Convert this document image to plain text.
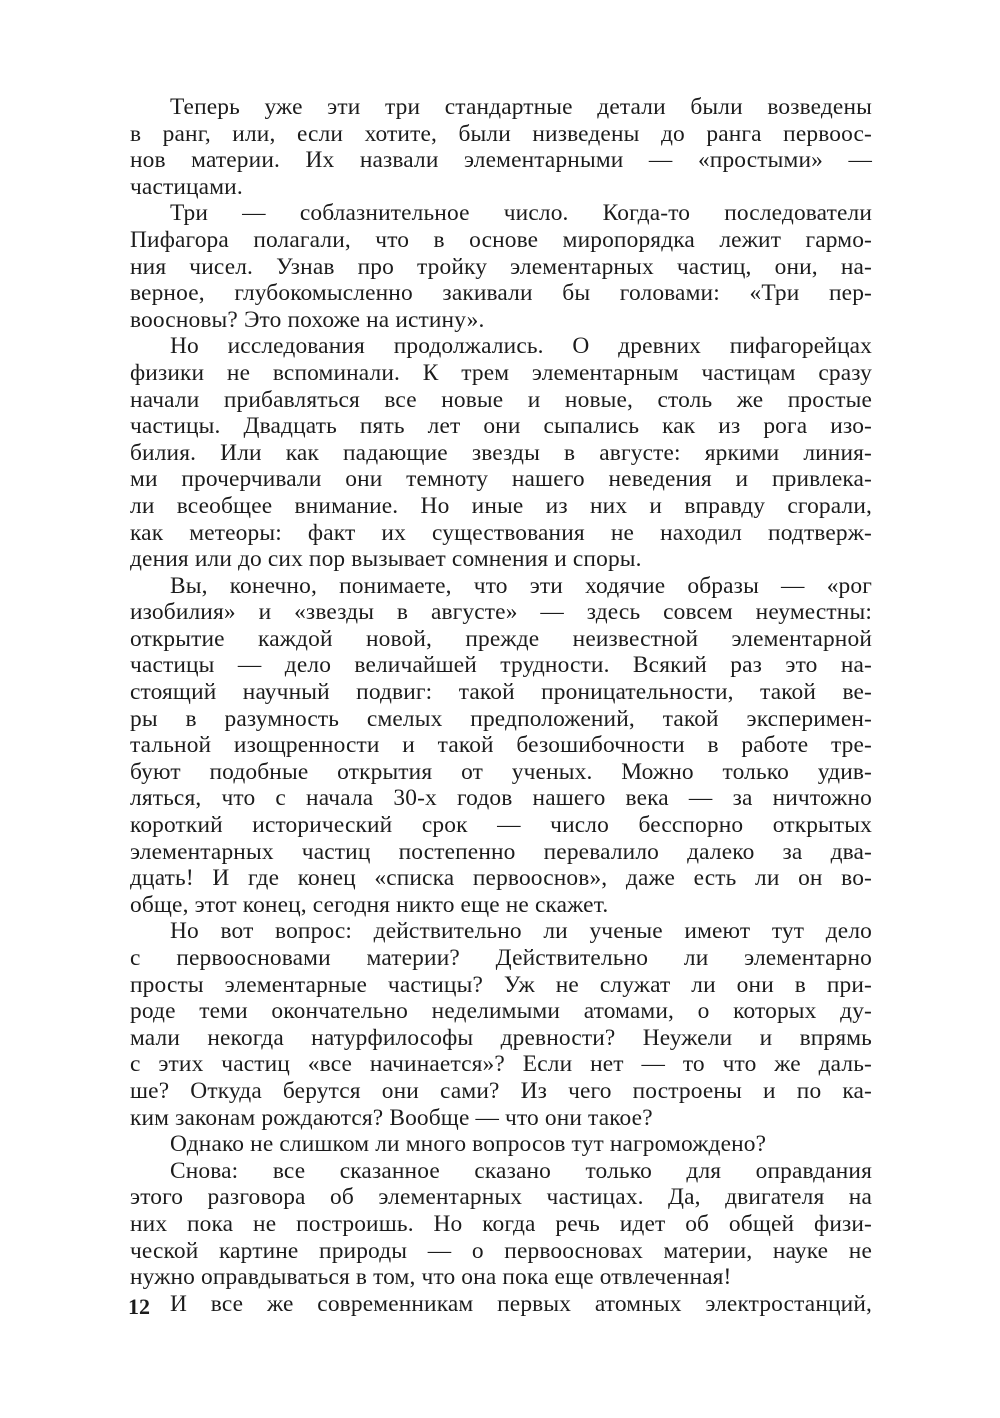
Теперь уже эти три стандартные детали были возведены
в ранг, или, если хотите, были низведены до ранга первоос-
нов материи. Их назвали элементарными — «простыми» —
частицами.

Три — соблазнительное число. Когда-то последователи
Пифагора полагали, что в основе миропорядка лежит гармо-
ния чисел. Узнав про тройку элементарных частиц, они, на-
верное, глубокомысленно закивали бы головами: «Три пер-
воосновы? Это похоже на истину».

Но исследования продолжались. О древних пифагорейцах
физики не вспоминали. К трем элементарным частицам сразу
начали прибавляться все новые и новые, столь же простые
частицы. Двадцать пять лет они сыпались как из рога изо-
билия. Или как падающие звезды в августе: яркими линия-
ми прочерчивали они темноту нашего неведения и привлека-
ли всеобщее внимание. Но иные из них и вправду сгорали,
как метеоры: факт их существования не находил подтверж-
дения или до сих пор вызывает сомнения и споры.

Вы, конечно, понимаете, что эти ходячие образы — «рог
изобилия» и «звезды в августе» — здесь совсем неуместны:
открытие каждой новой, прежде неизвестной элементарной
частицы — дело величайшей трудности. Всякий раз это на-
стоящий научный подвиг: такой проницательности, такой ве-
ры в разумность смелых предположений, такой эксперимен-
тальной изощренности и такой безошибочности в работе тре-
буют подобные открытия от ученых. Можно только удив-
ляться, что с начала 30-х годов нашего века — за ничтожно
короткий исторический срок — число бесспорно открытых
элементарных частиц постепенно перевалило далеко за два-
дцать! И где конец «списка первооснов», даже есть ли он во-
обще, этот конец, сегодня никто еще не скажет.

Но вот вопрос: действительно ли ученые имеют тут дело
с первоосновами материи? Действительно ли элементарно
просты элементарные частицы? Уж не служат ли они в при-
роде теми окончательно неделимыми атомами, о которых ду-
мали некогда натурфилософы древности? Неужели и впрямь
с этих частиц «все начинается»? Если нет — то что же даль-
ше? Откуда берутся они сами? Из чего построены и по ка-
ким законам рождаются? Вообще — что они такое?

Однако не слишком ли много вопросов тут нагромождено?

Снова: все сказанное сказано только для оправдания
этого разговора об элементарных частицах. Да, двигателя на
них пока не построишь. Но когда речь идет об общей физи-
ческой картине природы — о первоосновах материи, науке не
нужно оправдываться в том, что она пока еще отвлеченная!

И все же современникам первых атомных электростанций,

12
